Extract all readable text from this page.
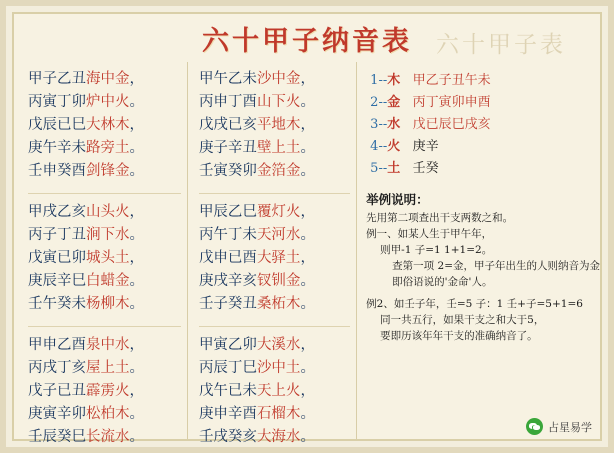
六十甲子纳音表 六十甲子表
甲子乙丑海中金，
丙寅丁卯炉中火。
戊辰已巳大林木，
庚午辛未路旁土。
壬申癸酉剑锋金。
甲戌乙亥山头火，
丙子丁丑涧下水。
戊寅已卯城头土，
庚辰辛巳白蜡金。
壬午癸未杨柳木。
甲申乙酉泉中水，
丙戌丁亥屋上土。
戊子已丑霹雳火，
庚寅辛卯松柏木。
壬辰癸巳长流水。
甲午乙未沙中金，
丙申丁酉山下火。
戊戌已亥平地木，
庚子辛丑壁上土。
壬寅癸卯金箔金。
甲辰乙巳覆灯火，
丙午丁未天河水。
戊申已酉大驿土，
庚戌辛亥钗钏金。
壬子癸丑桑柘木。
甲寅乙卯大溪水，
丙辰丁巳沙中土。
戊午已未天上火，
庚申辛酉石榴木。
壬戌癸亥大海水。
1--木 甲乙子丑午未
2--金 丙丁寅卯申酉
3--水 戊已辰巳戌亥
4--火 庚辛
5--土 壬癸
举例说明：
先用第二项查出干支两数之和。
例一、如某人生于甲午年，
则甲-1 子=1 1+1=2。
查第一项 2=金，甲子年出生的人则纳音为金
即俗语说的'金命'人。
例2、如壬子年，壬=5 子：1 壬+子=5+1=6
同一共五行，如果干支之和大于5，
要即历该年年干支的准确纳音了。
占星易学
